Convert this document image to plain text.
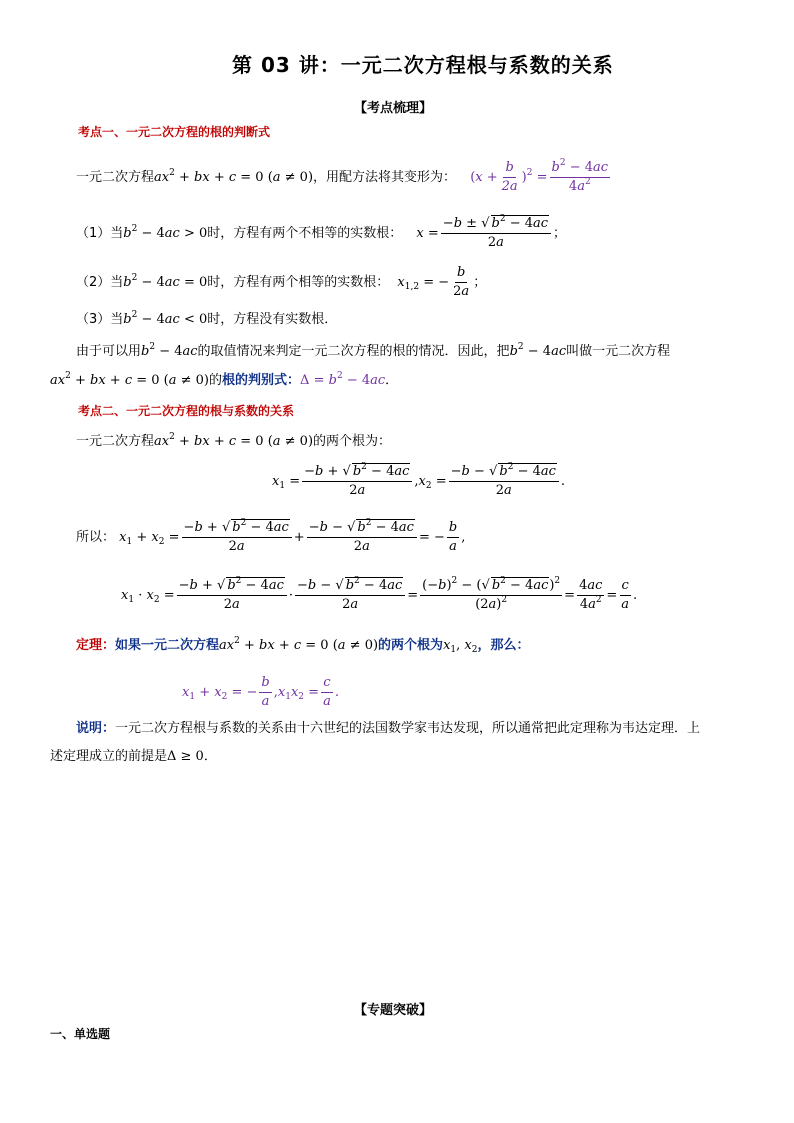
第 03 讲：一元二次方程根与系数的关系
【考点梳理】
考点一、一元二次方程的根的判断式
一元二次方程$ax^2$ + bx + c = 0 (a ≠ 0)，用配方法将其变形为： $(x + \frac{b}{2a} )^2 = \frac{b^2 - 4ac}{4a^2}$
（1）当$b^2 - 4ac > 0$时，方程有两个不相等的实数根： $x = \frac{-b \pm √ b^2 - 4ac}{2a}$ ；
（2）当$b^2 - 4ac = 0$时，方程有两个相等的实数根： $x_{1,2}$ = − $\frac{b}{2a}$ ；
（3）当$b^2 - 4ac < 0$时，方程没有实数根．
由于可以用$b^2 - 4ac$的取值情况来判定一元二次方程的根的情况．因此，把$b^2 - 4ac$叫做一元二次方程
$ax^2$ + bx + c = 0 (a ≠ 0)的根的判别式：$\Delta = b^2 - 4ac$．
考点二、一元二次方程的根与系数的关系
一元二次方程$ax^2$ + bx + c = 0 (a ≠ 0)的两个根为：
$x_1 = \frac{-b + √ b^2 - 4ac}{2a} ,x_2 = \frac{-b - √ b^2 - 4ac}{2a}$ .
所以： $x_1 + x_2 = \frac{-b + √ b^2 - 4ac}{2a} + \frac{-b - √ b^2 - 4ac}{2a}$ = − $\frac{b}{a}$ ,
$x_1 \cdot x_2 = \frac{-b + √ b^2 - 4ac}{2a} \cdot \frac{-b - √ b^2 - 4ac}{2a} = \frac{(-b)^2 - (√ b^2 - 4ac)^2}{(2a)^2} = \frac{4ac}{4a^2} = \frac{c}{a}$ .
定理：如果一元二次方程$ax^2$ + bx + c = 0 (a ≠ 0)的两个根为$x_1$, $x_2$，那么：
$x_1 + x_2$ = − $\frac{b}{a} ,x_1x_2 = \frac{c}{a}$ .
说明：一元二次方程根与系数的关系由十六世纪的法国数学家韦达发现，所以通常把此定理称为韦达定理．上
述定理成立的前提是Δ ≥ 0．
【专题突破】
一、单选题
